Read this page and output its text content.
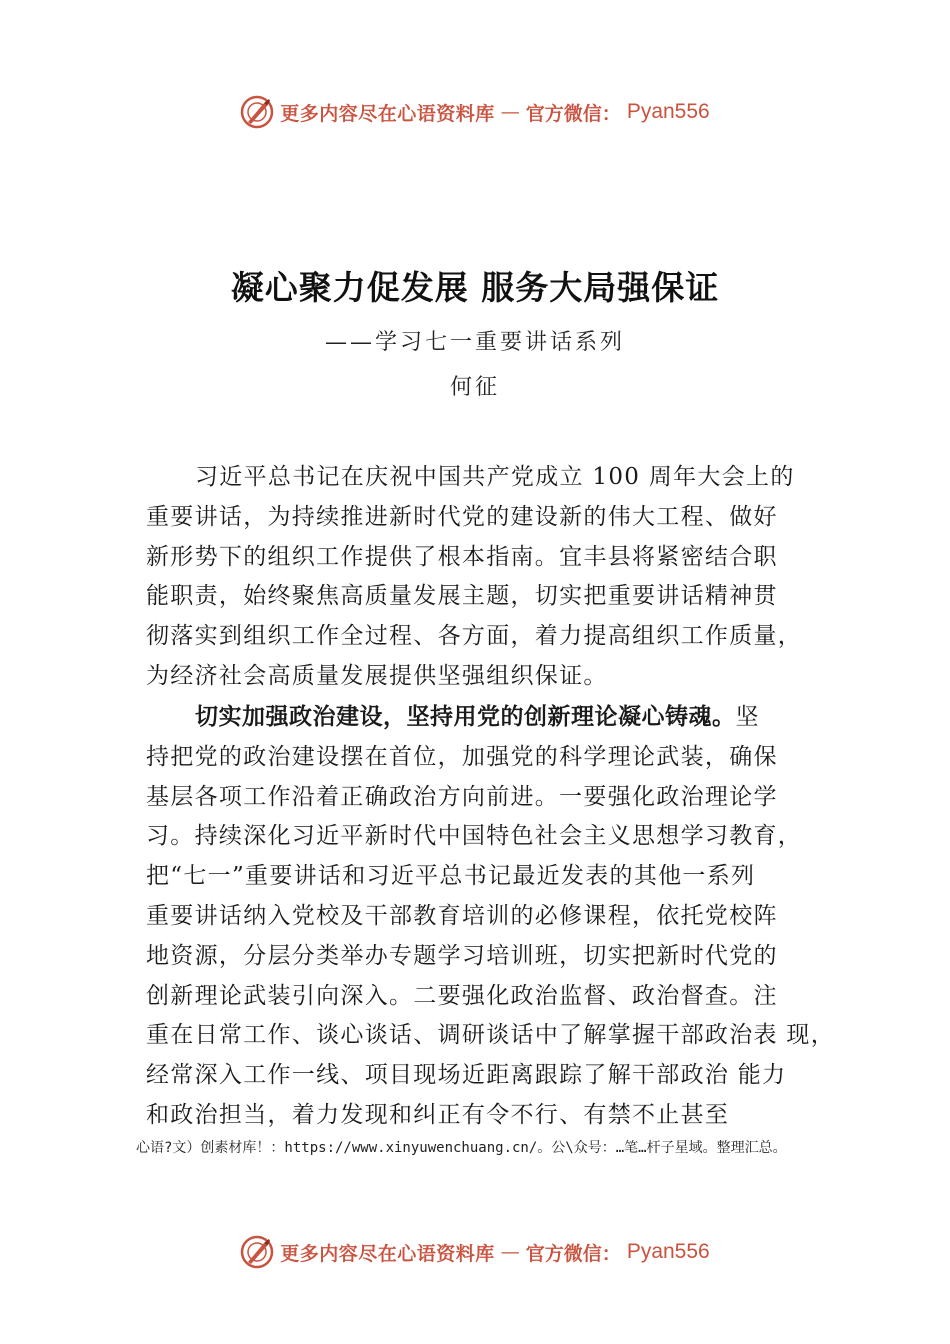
更多内容尽在心语资料库 — 官方微信： Pyan556
凝心聚力促发展 服务大局强保证
——学习七一重要讲话系列
何征
习近平总书记在庆祝中国共产党成立 100 周年大会上的
重要讲话，为持续推进新时代党的建设新的伟大工程、做好
新形势下的组织工作提供了根本指南。宜丰县将紧密结合职
能职责，始终聚焦高质量发展主题，切实把重要讲话精神贯
彻落实到组织工作全过程、各方面，着力提高组织工作质量，
为经济社会高质量发展提供坚强组织保证。
切实加强政治建设，坚持用党的创新理论凝心铸魂。坚
持把党的政治建设摆在首位，加强党的科学理论武装，确保
基层各项工作沿着正确政治方向前进。一要强化政治理论学
习。持续深化习近平新时代中国特色社会主义思想学习教育，
把“七一”重要讲话和习近平总书记最近发表的其他一系列
重要讲话纳入党校及干部教育培训的必修课程，依托党校阵
地资源，分层分类举办专题学习培训班，切实把新时代党的
创新理论武装引向深入。二要强化政治监督、政治督查。注
重在日常工作、谈心谈话、调研谈话中了解掌握干部政治表 现，
经常深入工作一线、项目现场近距离跟踪了解干部政治 能力
和政治担当，着力发现和纠正有令不行、有禁不止甚至
心语?文）创素材库！：https://www.xinyuwenchuang.cn/。公\众号：…笔…杆子星域。整理汇总。
更多内容尽在心语资料库 — 官方微信： Pyan556
